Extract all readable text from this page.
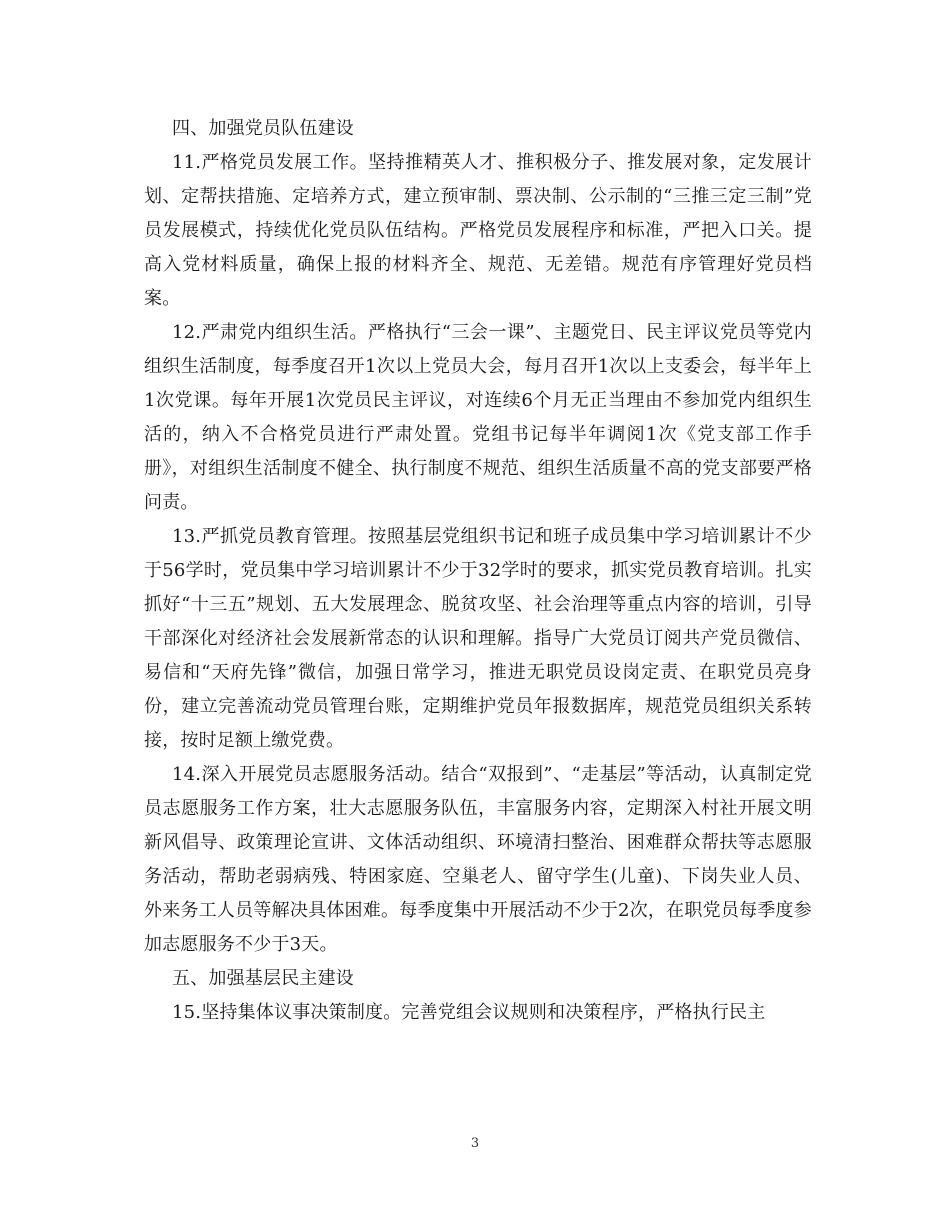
四、加强党员队伍建设

11.严格党员发展工作。坚持推精英人才、推积极分子、推发展对象，定发展计划、定帮扶措施、定培养方式，建立预审制、票决制、公示制的“三推三定三制”党员发展模式，持续优化党员队伍结构。严格党员发展程序和标准，严把入口关。提高入党材料质量，确保上报的材料齐全、规范、无差错。规范有序管理好党员档案。

12.严肃党内组织生活。严格执行“三会一课”、主题党日、民主评议党员等党内组织生活制度，每季度召开1次以上党员大会，每月召开1次以上支委会，每半年上1次党课。每年开展1次党员民主评议，对连续6个月无正当理由不参加党内组织生活的，纳入不合格党员进行严肃处置。党组书记每半年调阅1次《党支部工作手册》，对组织生活制度不健全、执行制度不规范、组织生活质量不高的党支部要严格问责。

13.严抓党员教育管理。按照基层党组织书记和班子成员集中学习培训累计不少于56学时，党员集中学习培训累计不少于32学时的要求，抓实党员教育培训。扎实抓好“十三五”规划、五大发展理念、脱贫攻坚、社会治理等重点内容的培训，引导干部深化对经济社会发展新常态的认识和理解。指导广大党员订阅共产党员微信、易信和“天府先锋”微信，加强日常学习，推进无职党员设岗定责、在职党员亮身份，建立完善流动党员管理台账，定期维护党员年报数据库，规范党员组织关系转接，按时足额上缴党费。

14.深入开展党员志愿服务活动。结合“双报到”、“走基层”等活动，认真制定党员志愿服务工作方案，壮大志愿服务队伍，丰富服务内容，定期深入村社开展文明新风倡导、政策理论宣讲、文体活动组织、环境清扫整治、困难群众帮扶等志愿服务活动，帮助老弱病残、特困家庭、空巢老人、留守学生(儿童)、下岗失业人员、外来务工人员等解决具体困难。每季度集中开展活动不少于2次，在职党员每季度参加志愿服务不少于3天。

五、加强基层民主建设

15.坚持集体议事决策制度。完善党组会议规则和决策程序，严格执行民主

3
